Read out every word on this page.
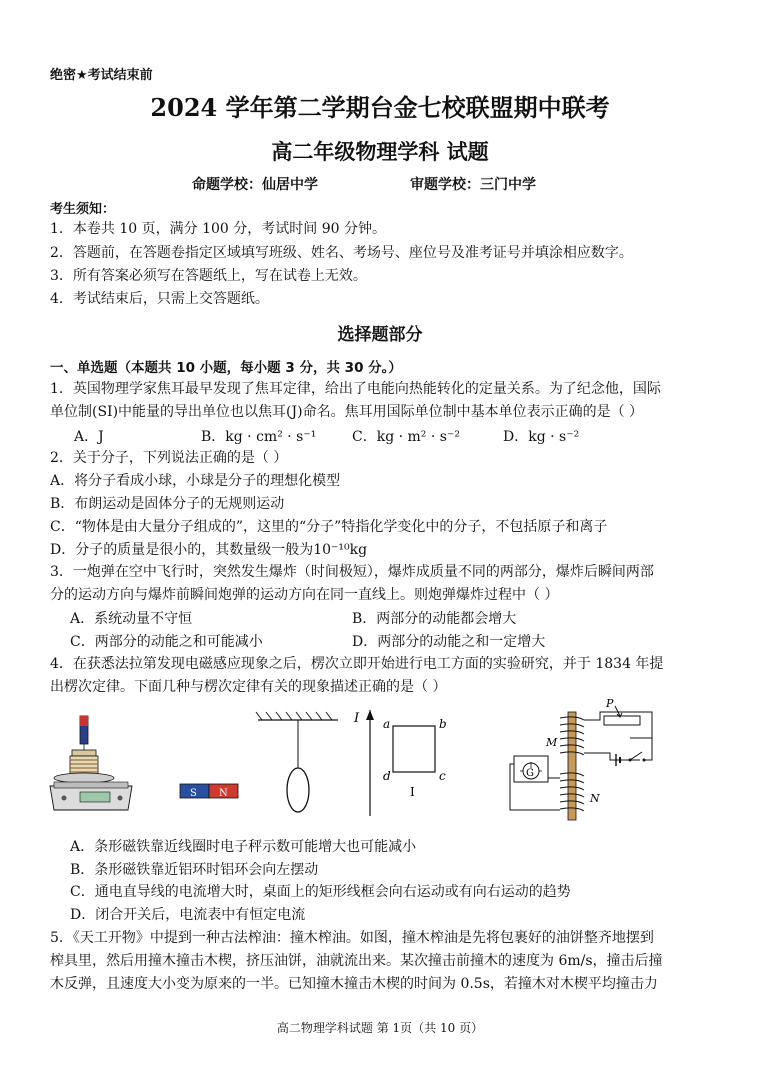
绝密★考试结束前
2024 学年第二学期台金七校联盟期中联考
高二年级物理学科 试题
命题学校：仙居中学	审题学校：三门中学
考生须知：
1．本卷共 10 页，满分 100 分，考试时间 90 分钟。
2．答题前，在答题卷指定区域填写班级、姓名、考场号、座位号及准考证号并填涂相应数字。
3．所有答案必须写在答题纸上，写在试卷上无效。
4．考试结束后，只需上交答题纸。
选择题部分
一、单选题（本题共 10 小题，每小题 3 分，共 30 分。）
1．英国物理学家焦耳最早发现了焦耳定律，给出了电能向热能转化的定量关系。为了纪念他，国际
单位制(SI)中能量的导出单位也以焦耳(J)命名。焦耳用国际单位制中基本单位表示正确的是（ ）
A．J	B．kg · cm² · s⁻¹	C．kg · m² · s⁻²	D．kg · s⁻²
2．关于分子，下列说法正确的是（ ）
A．将分子看成小球，小球是分子的理想化模型
B．布朗运动是固体分子的无规则运动
C．“物体是由大量分子组成的”，这里的“分子”特指化学变化中的分子，不包括原子和离子
D．分子的质量是很小的，其数量级一般为10⁻¹⁰kg
3．一炮弹在空中飞行时，突然发生爆炸（时间极短），爆炸成质量不同的两部分，爆炸后瞬间两部
分的运动方向与爆炸前瞬间炮弹的运动方向在同一直线上。则炮弹爆炸过程中（ ）
A．系统动量不守恒	B．两部分的动能都会增大
C．两部分的动能之和可能减小	D．两部分的动能之和一定增大
4．在获悉法拉第发现电磁感应现象之后，楞次立即开始进行电工方面的实验研究，并于 1834 年提
出楞次定律。下面几种与楞次定律有关的现象描述正确的是（ ）
S N
I a	b
c
d
I
M
N
P
G
A．条形磁铁靠近线圈时电子秤示数可能增大也可能减小
B．条形磁铁靠近铝环时铝环会向左摆动
C．通电直导线的电流增大时，桌面上的矩形线框会向右运动或有向右运动的趋势
D．闭合开关后，电流表中有恒定电流
5．《天工开物》中提到一种古法榨油：撞木榨油。如图，撞木榨油是先将包裹好的油饼整齐地摆到
榨具里，然后用撞木撞击木楔，挤压油饼，油就流出来。某次撞击前撞木的速度为 6m/s，撞击后撞
木反弹，且速度大小变为原来的一半。已知撞木撞击木楔的时间为 0.5s，若撞木对木楔平均撞击力
高二物理学科试题 第 1页（共 10 页）
